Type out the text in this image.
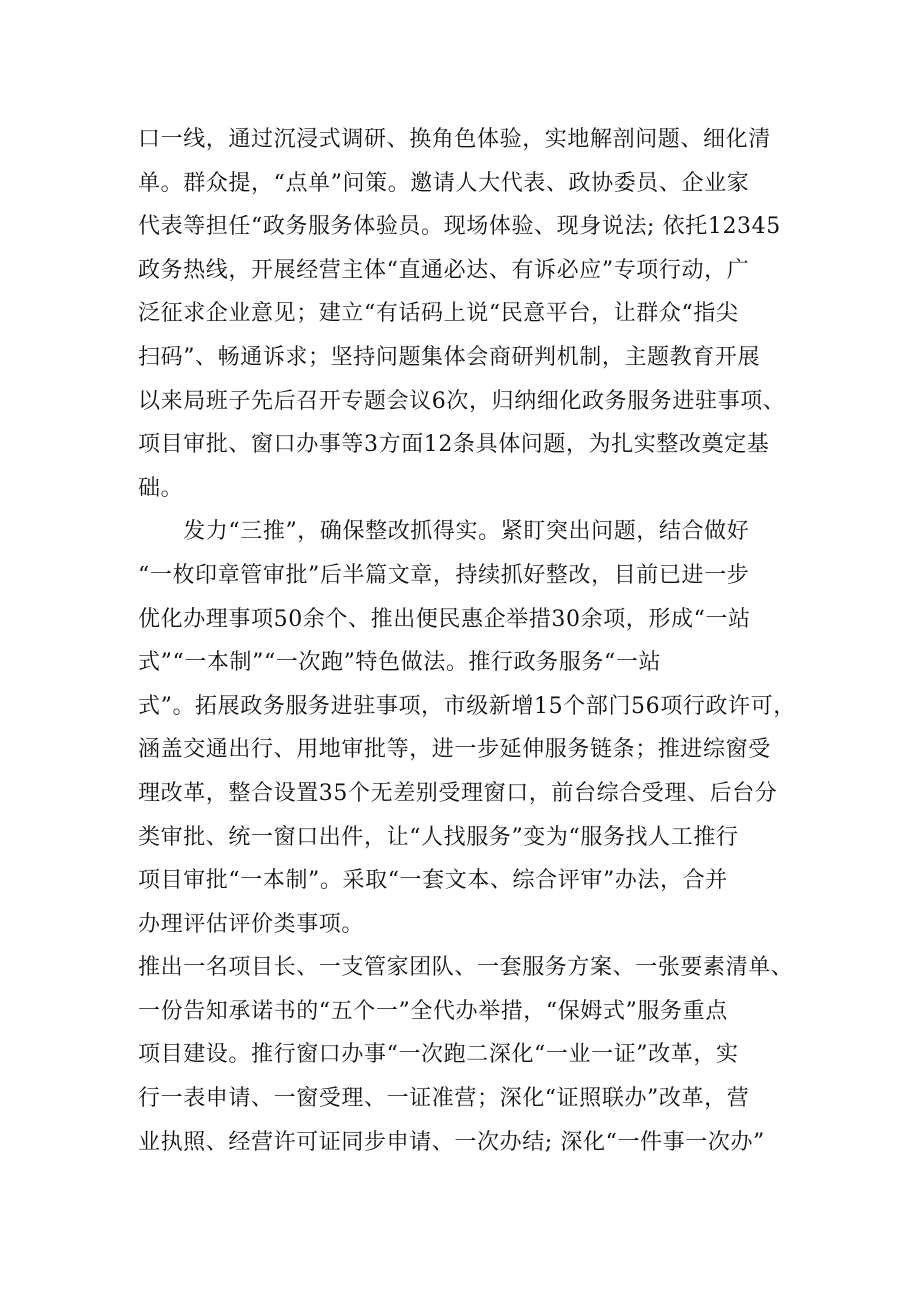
口一线，通过沉浸式调研、换角色体验，实地解剖问题、细化清
单。群众提，“点单”问策。邀请人大代表、政协委员、企业家
代表等担任“政务服务体验员。现场体验、现身说法; 依托12345
政务热线，开展经营主体“直通必达、有诉必应”专项行动，广
泛征求企业意见；建立“有话码上说“民意平台，让群众“指尖
扫码”、畅通诉求；坚持问题集体会商研判机制，主题教育开展
以来局班子先后召开专题会议6次，归纳细化政务服务进驻事项、
项目审批、窗口办事等3方面12条具体问题，为扎实整改奠定基
础。
　　发力“三推”，确保整改抓得实。紧盯突出问题，结合做好
“一枚印章管审批”后半篇文章，持续抓好整改，目前已进一步
优化办理事项50余个、推出便民惠企举措30余项，形成“一站
式”“一本制”“一次跑”特色做法。推行政务服务“一站
式”。拓展政务服务进驻事项，市级新增15个部门56项行政许可，
涵盖交通出行、用地审批等，进一步延伸服务链条；推进综窗受
理改革，整合设置35个无差别受理窗口，前台综合受理、后台分
类审批、统一窗口出件，让“人找服务”变为“服务找人工推行
项目审批“一本制”。采取“一套文本、综合评审”办法，合并
办理评估评价类事项。
推出一名项目长、一支管家团队、一套服务方案、一张要素清单、
一份告知承诺书的“五个一”全代办举措，“保姆式”服务重点
项目建设。推行窗口办事“一次跑二深化“一业一证”改革，实
行一表申请、一窗受理、一证准营；深化“证照联办”改革，营
业执照、经营许可证同步申请、一次办结; 深化“一件事一次办”
